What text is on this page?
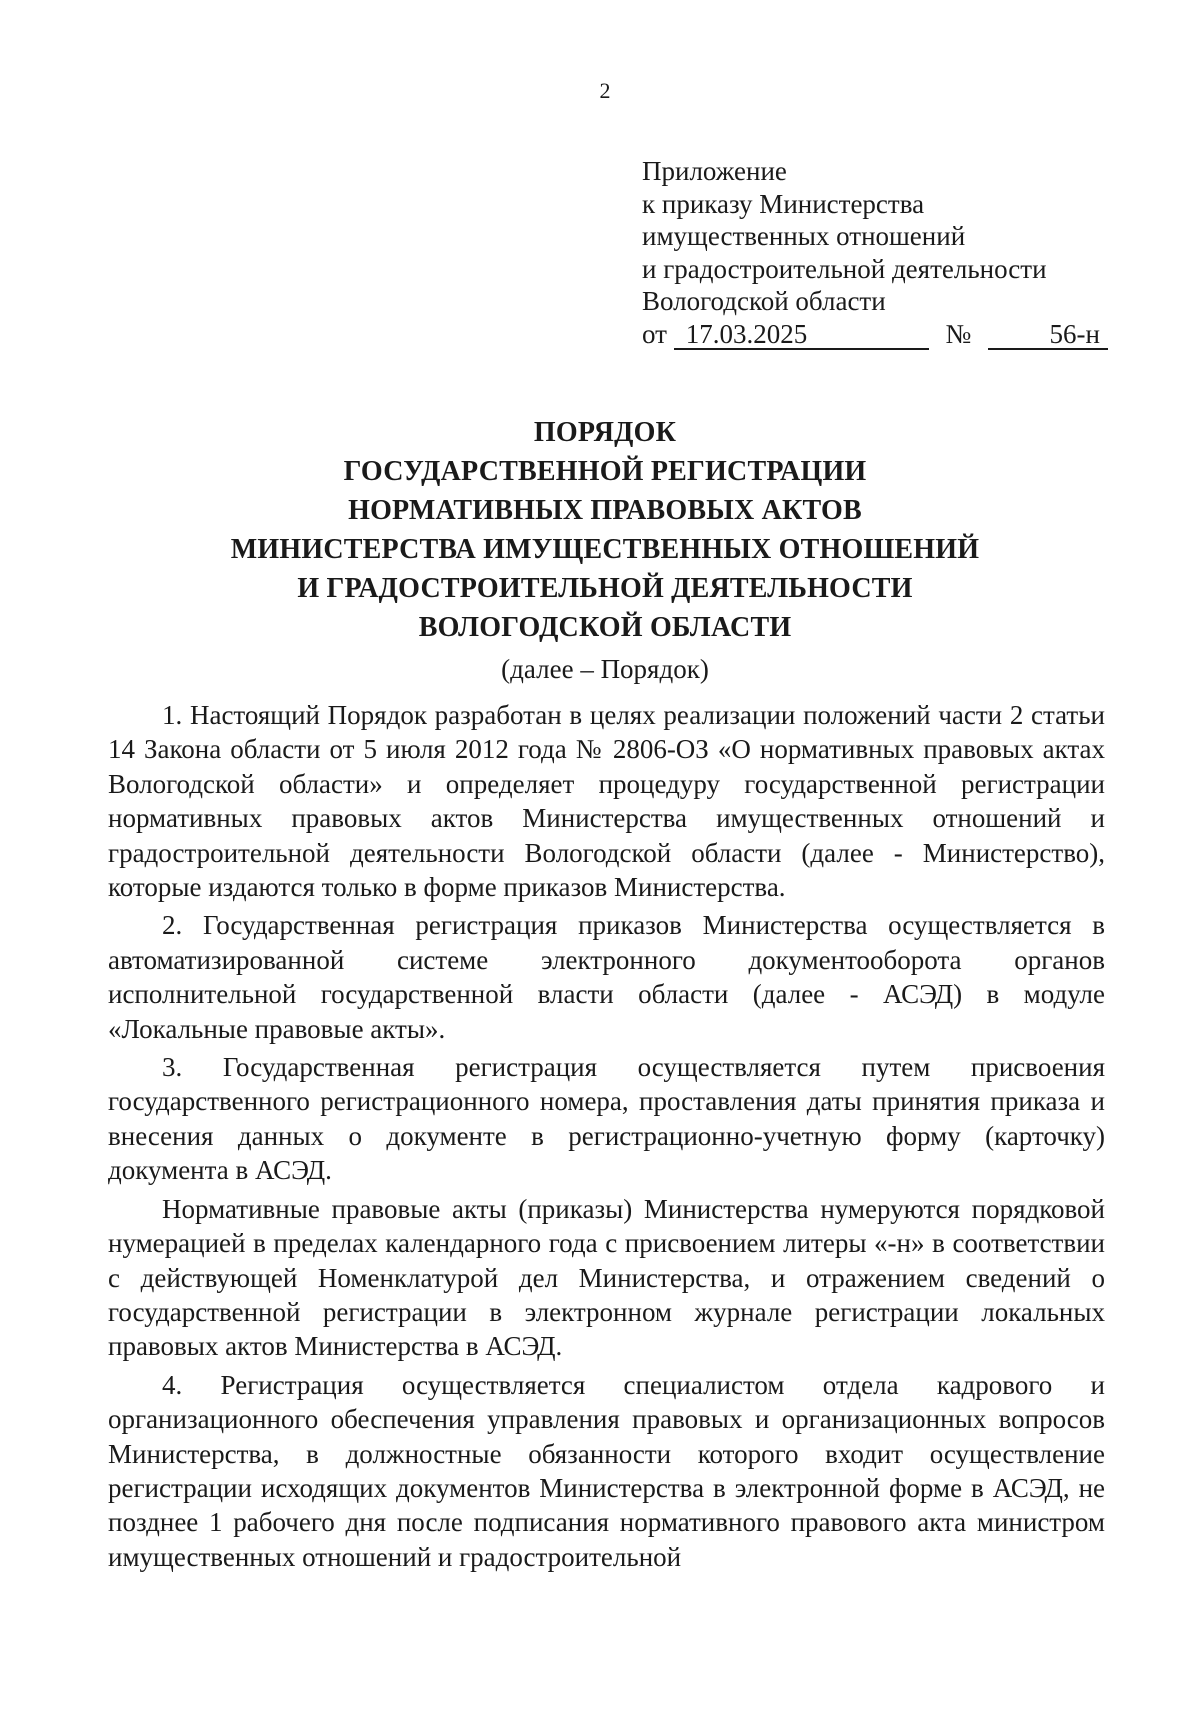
2
Приложение
к приказу Министерства
имущественных отношений
и градостроительной деятельности
Вологодской области
от 17.03.2025	№	56-н
ПОРЯДОК
ГОСУДАРСТВЕННОЙ РЕГИСТРАЦИИ
НОРМАТИВНЫХ ПРАВОВЫХ АКТОВ
МИНИСТЕРСТВА ИМУЩЕСТВЕННЫХ ОТНОШЕНИЙ
И ГРАДОСТРОИТЕЛЬНОЙ ДЕЯТЕЛЬНОСТИ
ВОЛОГОДСКОЙ ОБЛАСТИ
(далее – Порядок)

1. Настоящий Порядок разработан в целях реализации положений части 2 статьи 14 Закона области от 5 июля 2012 года № 2806-ОЗ «О нормативных правовых актах Вологодской области» и определяет процедуру государственной регистрации нормативных правовых актов Министерства имущественных отношений и градостроительной деятельности Вологодской области (далее - Министерство), которые издаются только в форме приказов Министерства.

2. Государственная регистрация приказов Министерства осуществляется в автоматизированной системе электронного документооборота органов исполнительной государственной власти области (далее - АСЭД) в модуле «Локальные правовые акты».

3. Государственная регистрация осуществляется путем присвоения государственного регистрационного номера, проставления даты принятия приказа и внесения данных о документе в регистрационно-учетную форму (карточку) документа в АСЭД.

Нормативные правовые акты (приказы) Министерства нумеруются порядковой нумерацией в пределах календарного года с присвоением литеры «-н» в соответствии с действующей Номенклатурой дел Министерства, и отражением сведений о государственной регистрации в электронном журнале регистрации локальных правовых актов Министерства в АСЭД.

4. Регистрация осуществляется специалистом отдела кадрового и организационного обеспечения управления правовых и организационных вопросов Министерства, в должностные обязанности которого входит осуществление регистрации исходящих документов Министерства в электронной форме в АСЭД, не позднее 1 рабочего дня после подписания нормативного правового акта министром имущественных отношений и градостроительной
